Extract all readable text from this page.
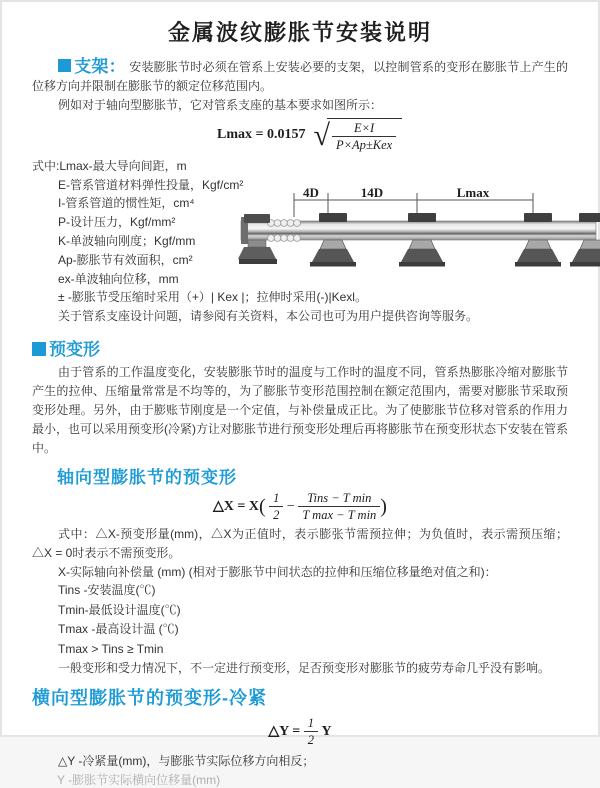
金属波纹膨胀节安装说明

支架： 安装膨胀节时必须在管系上安装必要的支架，以控制管系的变形在膨胀节上产生的位移方向并限制在膨胀节的额定位移范围内。

例如对于轴向型膨胀节，它对管系支座的基本要求如图所示：

Lmax = 0.0157 √ $\frac{E\times I}{\text{P×Ap±Kex}}$
式中:Lmax-最大导向间距，m
E-管系管道材料弹性投量，Kgf/cm²
I-管系管道的惯性矩，cm⁴
P-设计压力，Kgf/mm²
K-单波轴向刚度；Kgf/mm
Ap-膨胀节有效面积，cm²
ex-单波轴向位移，mm
± -膨胀节受压缩时采用（+）| Kex |；拉伸时采用(-)|Kexl。
关于管系支座设计问题，请参阅有关资料，本公司也可为用户提供咨询等服务。
4D	14D	Lmax
预变形

由于管系的工作温度变化，安装膨胀节时的温度与工作时的温度不同，管系热膨胀冷缩对膨胀节产生的拉伸、压缩量常常是不均等的，为了膨胀节变形范围控制在额定范围内，需要对膨胀节采取预变形处理。另外，由于膨账节刚度是一个定值，与补偿量成正比。为了使膨胀节位移对管系的作用力最小，也可以采用预变形(冷紧)方让对膨胀节进行预变形处理后再将膨胀节在预变形状态下安装在管系中。

轴向型膨胀节的预变形
△X = $X( \frac{1}{2} - \frac{\text{Tins − T min}}{\text{T max − T min}}$ )

式中：△X-预变形量(mm)，△X为正值时，表示膨张节需预拉伸；为负值时，表示需预压缩；△X = 0时表示不需预变形。

X-实际轴向补偿量 (mm) (相对于膨胀节中间状态的拉伸和压缩位移量绝对值之和)：
Tins -安装温度(℃)
Tmin-最低设计温度(℃)
Tmax -最高设计温 (℃)
Tmax > Tins ≥ Tmin
一般变形和受力情况下，不一定进行预变形，足否预变形对膨胀节的疲劳寿命几乎没有影响。
横向型膨胀节的预变形-冷紧
△Y = $\frac{1}{2}$ Y
△Y -冷紧量(mm)，与膨胀节实际位移方向相反；
Y -膨胀节实际横向位移量(mm)
